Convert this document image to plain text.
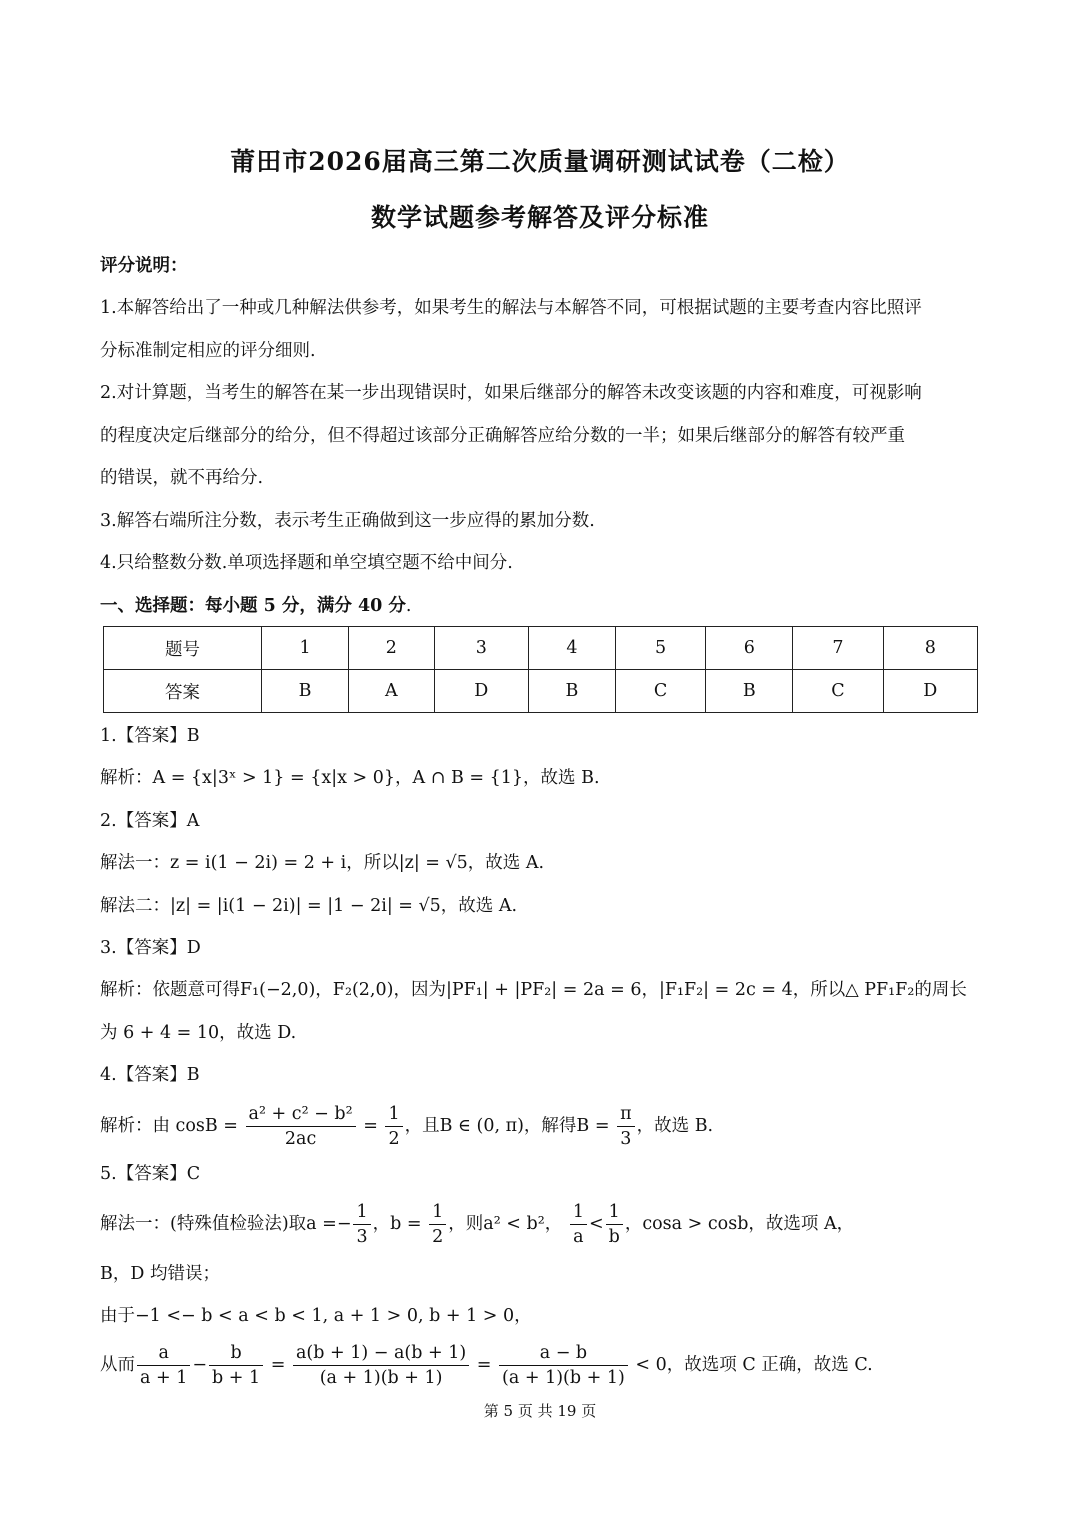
莆田市2026届高三第二次质量调研测试试卷（二检）
数学试题参考解答及评分标准
评分说明：
1.本解答给出了一种或几种解法供参考，如果考生的解法与本解答不同，可根据试题的主要考查内容比照评
分标准制定相应的评分细则.
2.对计算题，当考生的解答在某一步出现错误时，如果后继部分的解答未改变该题的内容和难度，可视影响
的程度决定后继部分的给分，但不得超过该部分正确解答应给分数的一半；如果后继部分的解答有较严重
的错误，就不再给分.
3.解答右端所注分数，表示考生正确做到这一步应得的累加分数.
4.只给整数分数.单项选择题和单空填空题不给中间分.
一、选择题：每小题 5 分，满分 40 分.
题号	1	2	3	4	5	6	7	8
答案	B	A	D	B	C	B	C	D
1.【答案】B
解析：A = {x|3ˣ > 1} = {x|x > 0}，A ∩ B = {1}，故选 B.
2.【答案】A
解法一：z = i(1 − 2i) = 2 + i，所以|z| = √5，故选 A.
解法二：|z| = |i(1 − 2i)| = |1 − 2i| = √5，故选 A.
3.【答案】D
解析：依题意可得F₁(−2,0)，F₂(2,0)，因为|PF₁| + |PF₂| = 2a = 6，|F₁F₂| = 2c = 4，所以△ PF₁F₂的周长
为 6 + 4 = 10，故选 D.
4.【答案】B
解析：由 $\cos B = \frac{\text{a² + c² − b²}}{2ac} = \frac{1}{2}$ ，且B ∈ (0, π)，解得$B = \frac{\pi}{3}$ ，故选 B.
5.【答案】C
解法一：(特殊值检验法)取$a =- \frac{1}{3}$ ，$b = \frac{1}{2}$ ，则a² < b²， $\frac{1}{a} < \frac{1}{b}$ ，cosa > cosb，故选项 A，
B，D 均错误；
由于−1 <− b < a < b < 1, a + 1 > 0, b + 1 > 0，
从而 $\frac{a}{a + 1} - \frac{b}{b + 1} = \frac{a(b + 1) - a(b + 1)}{(a + 1)(b + 1)} = \frac{a - b}{(a + 1)(b + 1)} < 0$，故选项 C 正确，故选 C.
第 5 页 共 19 页
